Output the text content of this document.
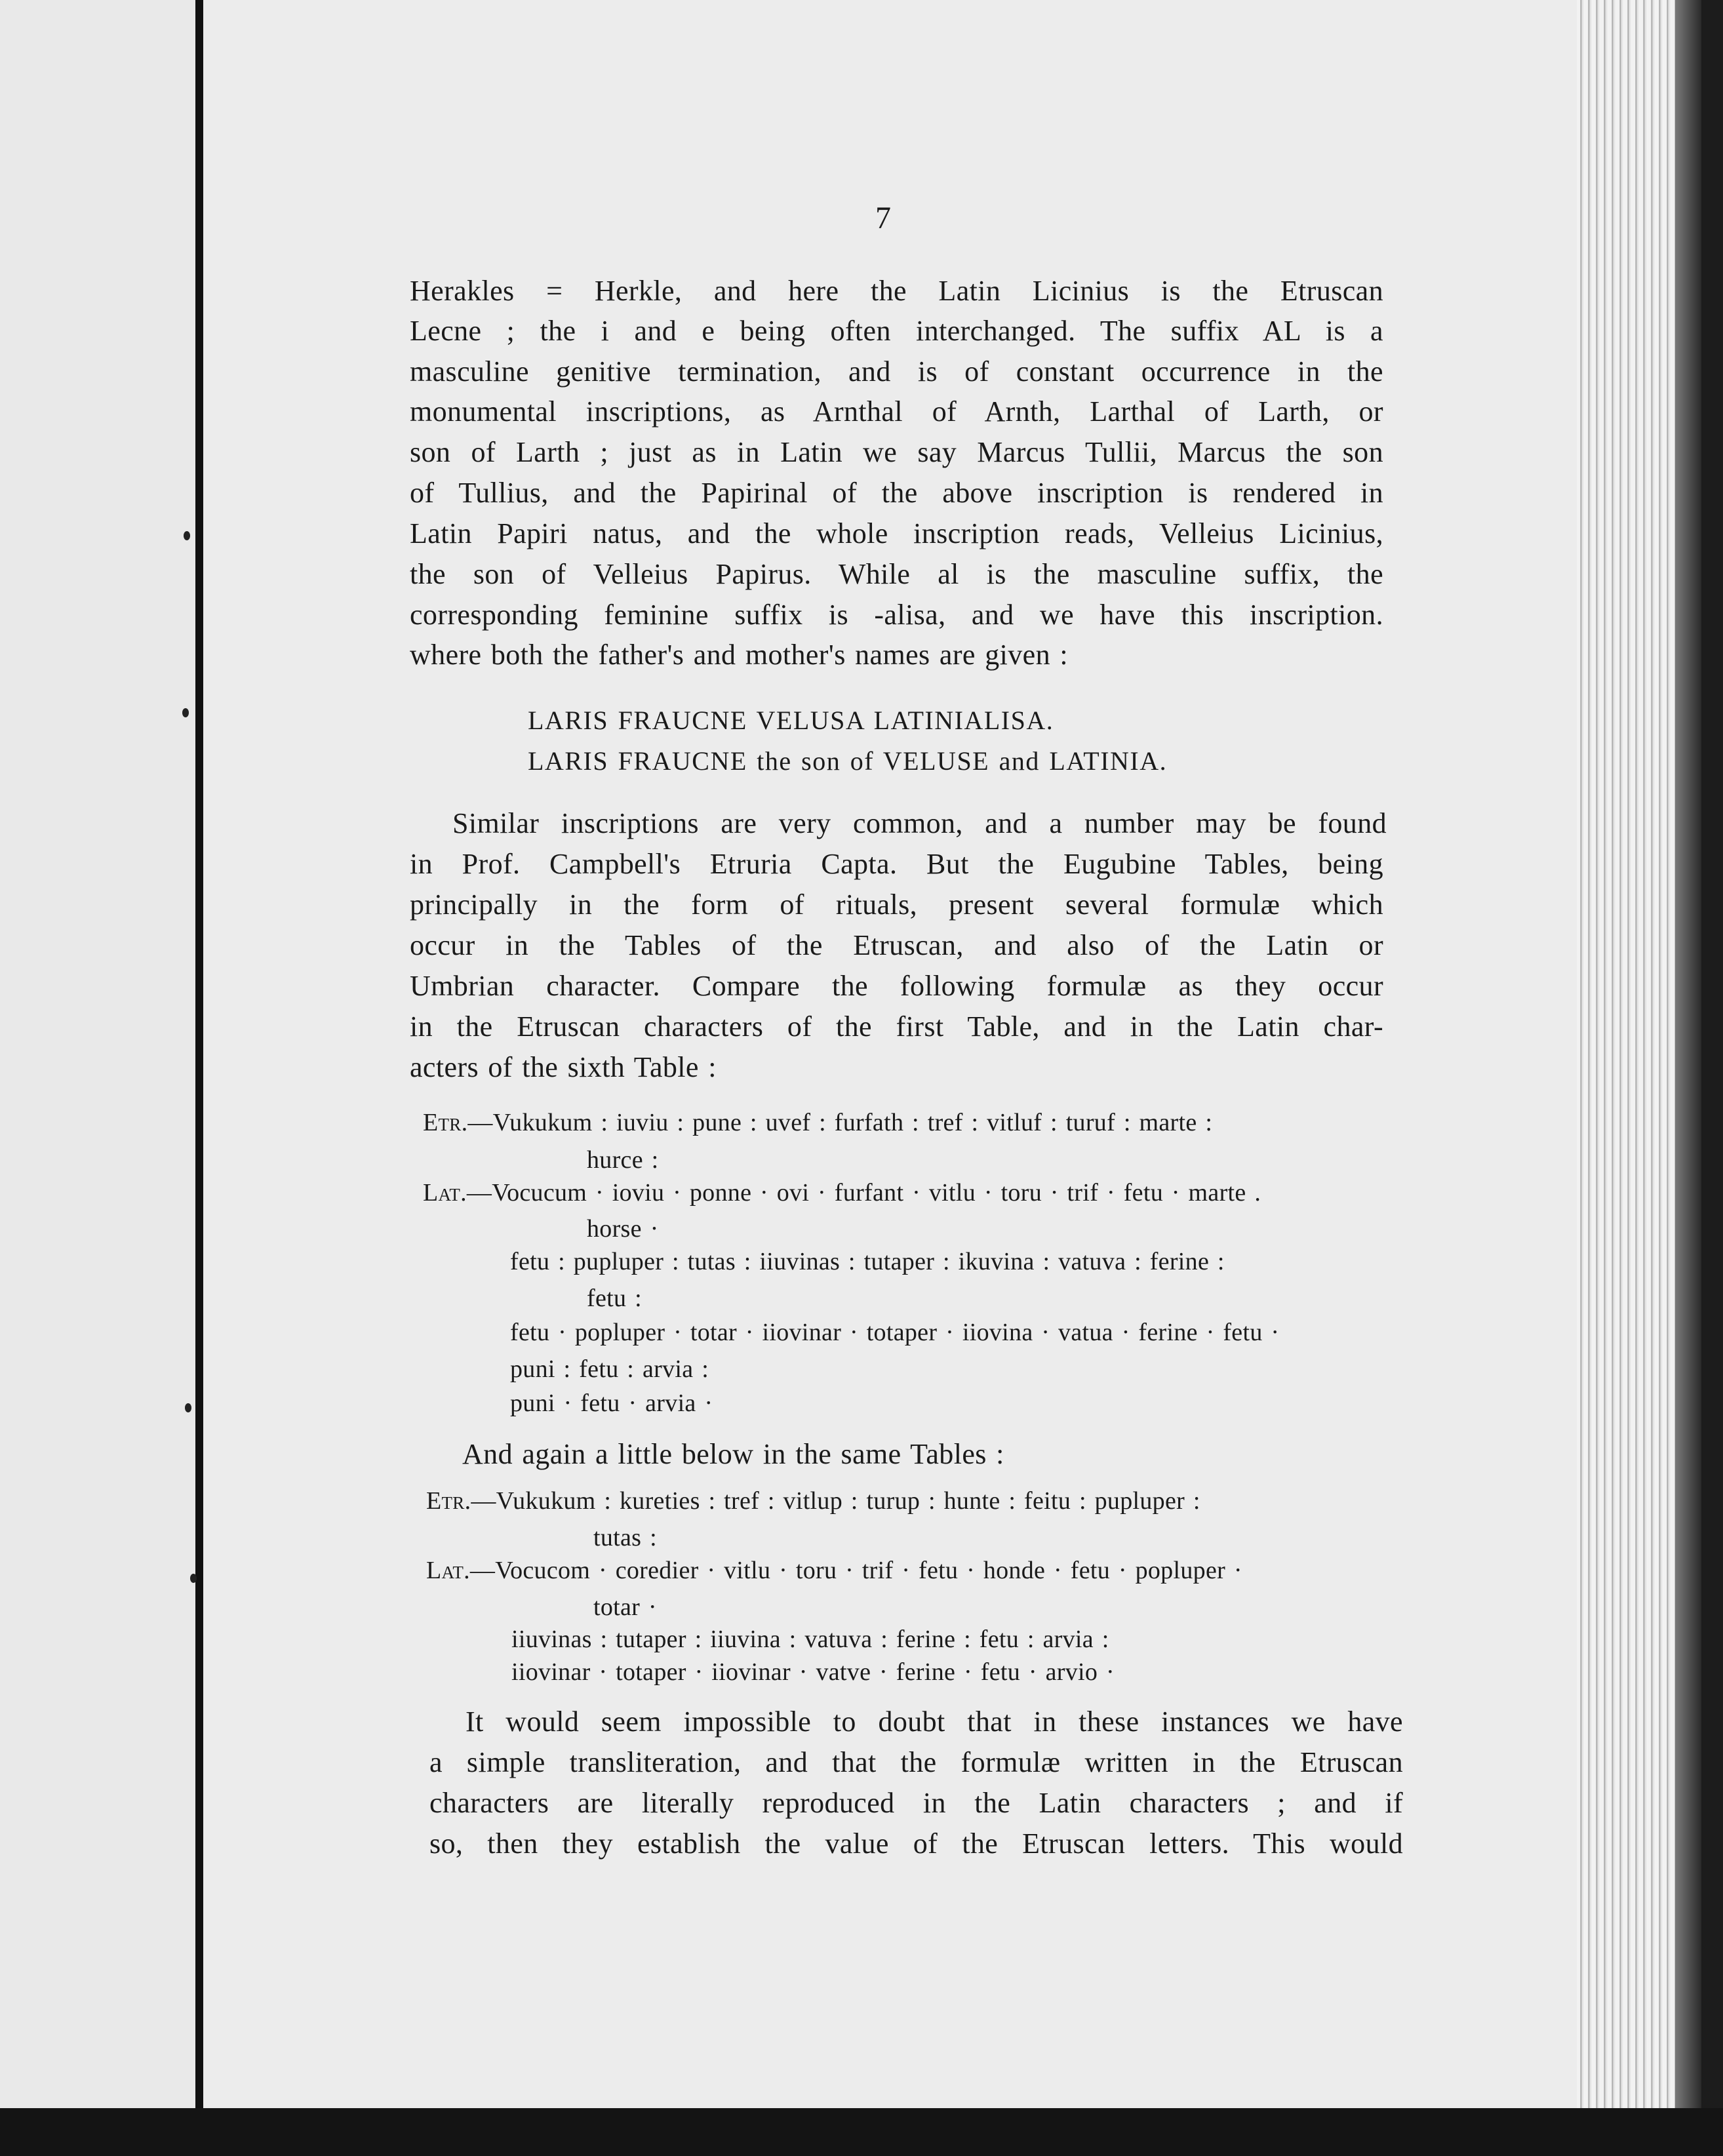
7
Herakles = Herkle, and here the Latin Licinius is the Etruscan
Lecne ; the i and e being often interchanged. The suffix AL is a
masculine genitive termination, and is of constant occurrence in the
monumental inscriptions, as Arnthal of Arnth, Larthal of Larth, or
son of Larth ; just as in Latin we say Marcus Tullii, Marcus the son
of Tullius, and the Papirinal of the above inscription is rendered in
Latin Papiri natus, and the whole inscription reads, Velleius Licinius,
the son of Velleius Papirus. While al is the masculine suffix, the
corresponding feminine suffix is -alisa, and we have this inscription.
where both the father's and mother's names are given :
LARIS FRAUCNE VELUSA LATINIALISA.
LARIS FRAUCNE the son of VELUSE and LATINIA.
Similar inscriptions are very common, and a number may be found
in Prof. Campbell's Etruria Capta. But the Eugubine Tables, being
principally in the form of rituals, present several formulæ which
occur in the Tables of the Etruscan, and also of the Latin or
Umbrian character. Compare the following formulæ as they occur
in the Etruscan characters of the first Table, and in the Latin char-
acters of the sixth Table :
Etr.—Vukukum : iuviu : pune : uvef : furfath : tref : vitluf : turuf : marte :
hurce :
Lat.—Vocucum · ioviu · ponne · ovi · furfant · vitlu · toru · trif · fetu · marte .
horse ·
fetu : pupluper : tutas : iiuvinas : tutaper : ikuvina : vatuva : ferine :
fetu :
fetu · popluper · totar · iiovinar · totaper · iiovina · vatua · ferine · fetu ·
puni : fetu : arvia :
puni · fetu · arvia ·
And again a little below in the same Tables :
Etr.—Vukukum : kureties : tref : vitlup : turup : hunte : feitu : pupluper :
tutas :
Lat.—Vocucom · coredier · vitlu · toru · trif · fetu · honde · fetu · popluper ·
totar ·
iiuvinas : tutaper : iiuvina : vatuva : ferine : fetu : arvia :
iiovinar · totaper · iiovinar · vatve · ferine · fetu · arvio ·
It would seem impossible to doubt that in these instances we have
a simple transliteration, and that the formulæ written in the Etruscan
characters are literally reproduced in the Latin characters ; and if
so, then they establish the value of the Etruscan letters. This would
